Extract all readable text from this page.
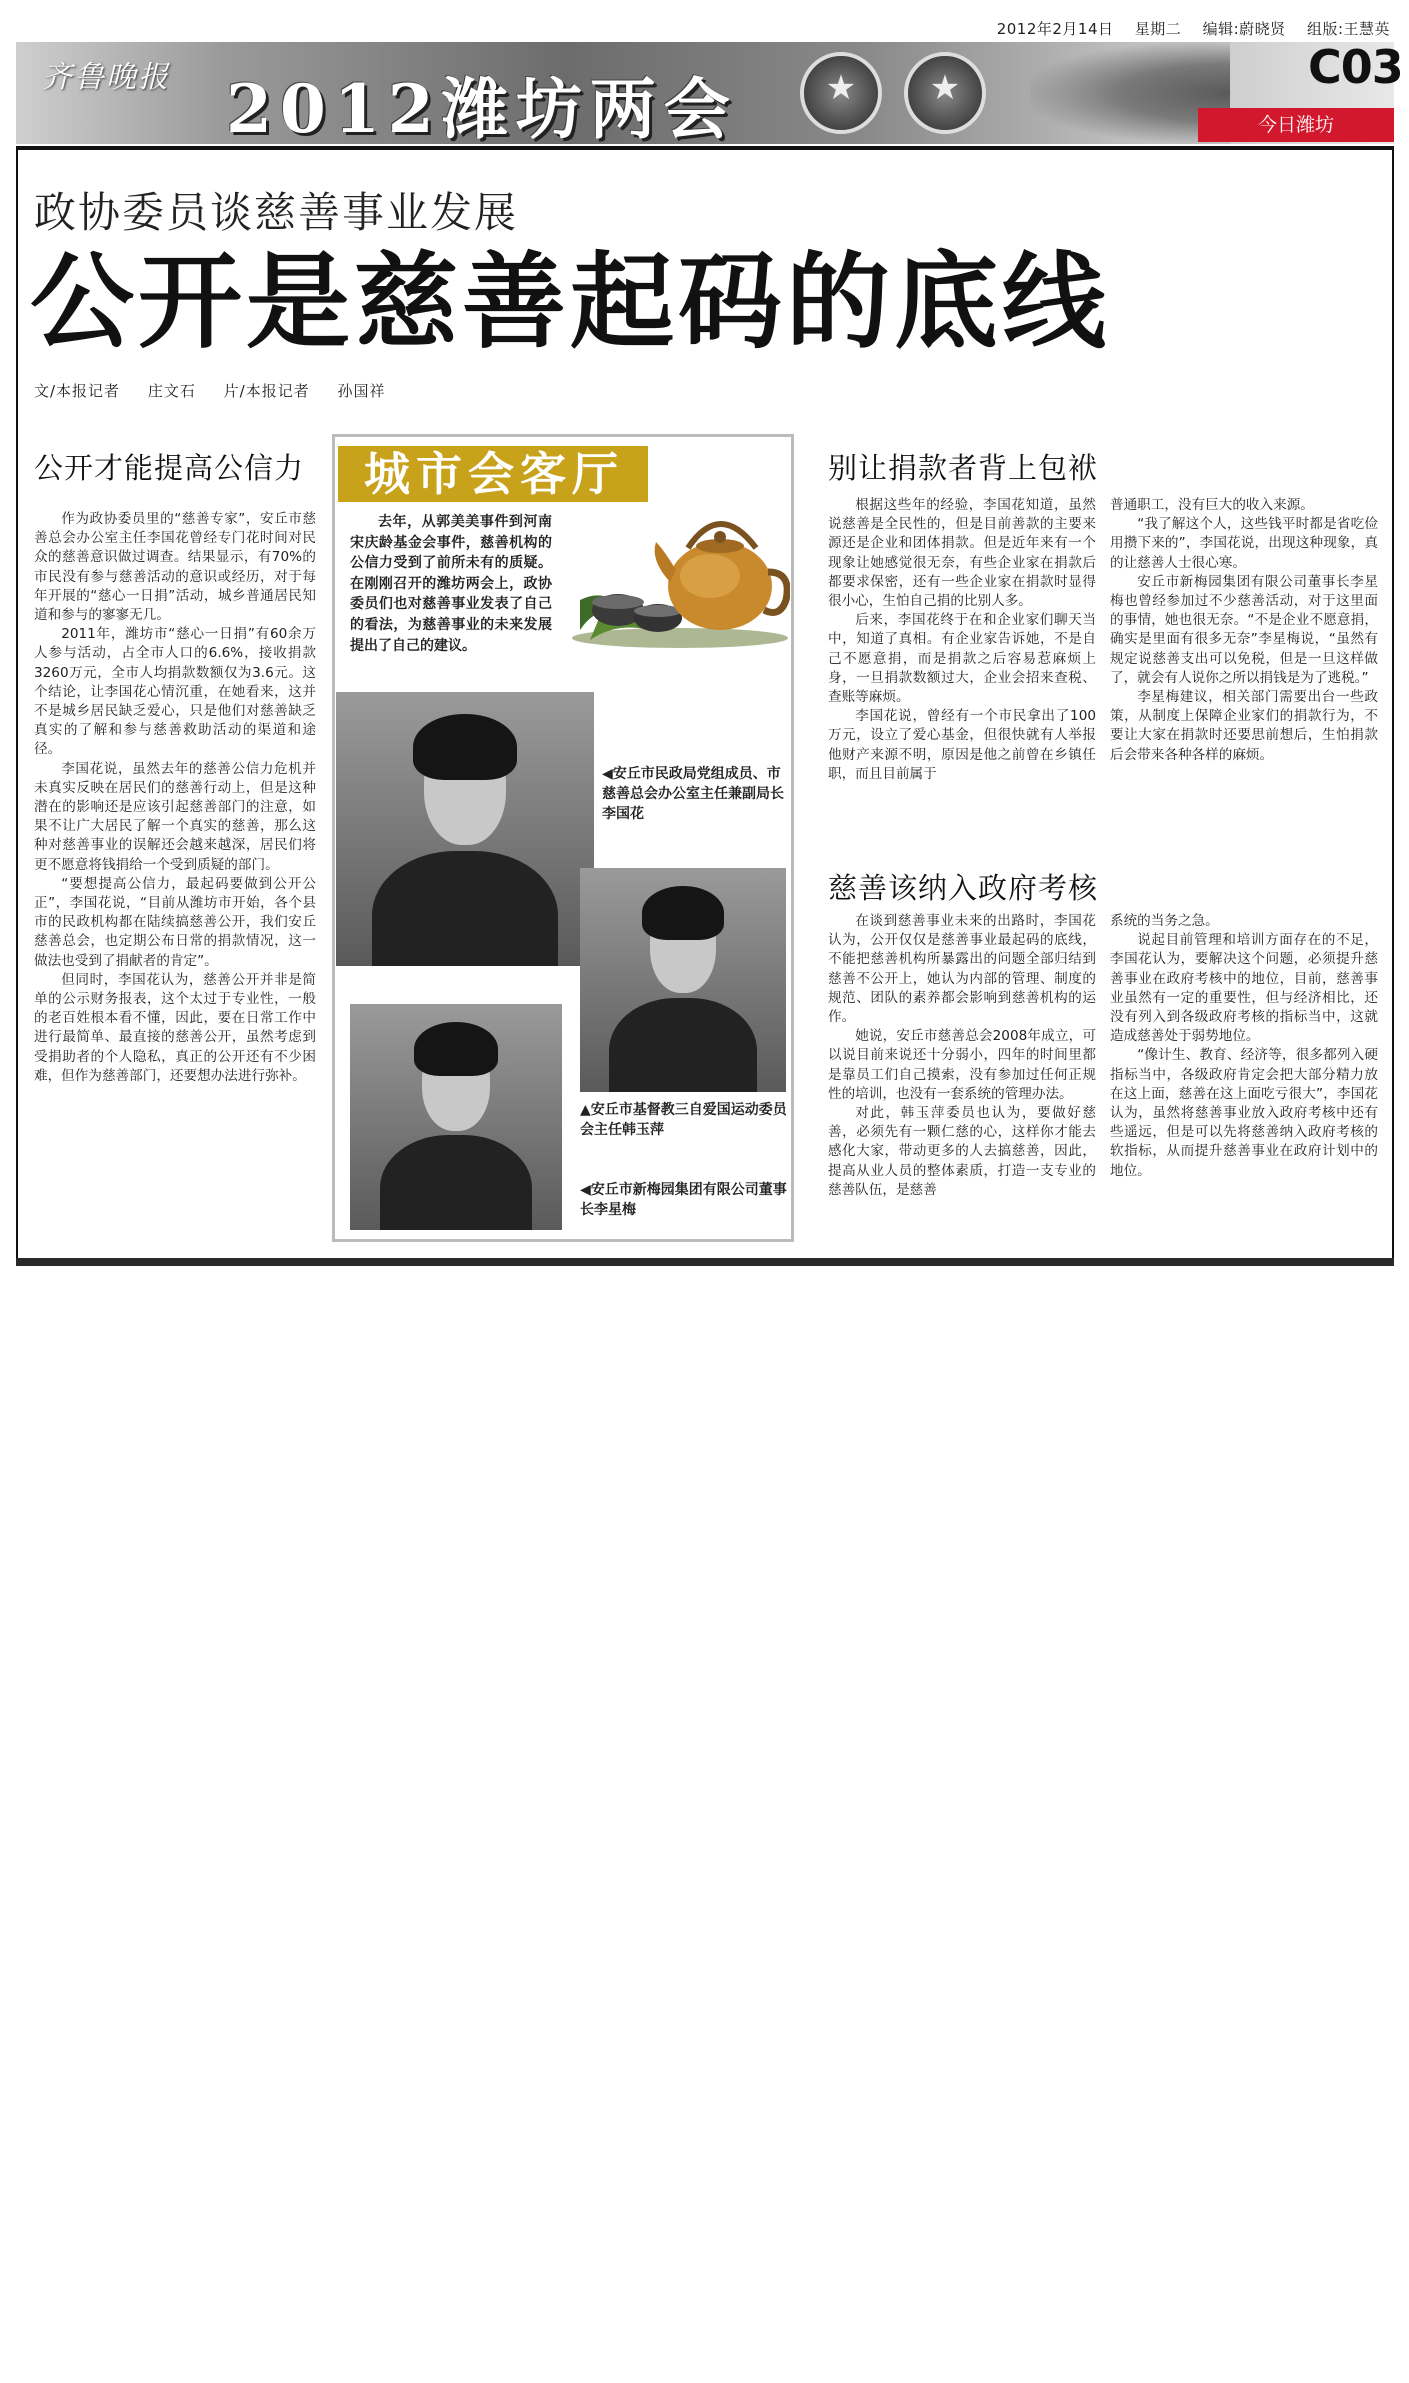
2012年2月14日 星期二 编辑:蔚晓贤 组版:王慧英
齐鲁晚报 2012潍坊两会
★
★
C03
今日潍坊
政协委员谈慈善事业发展
公开是慈善起码的底线
文/本报记者 庄文石 片/本报记者 孙国祥
公开才能提高公信力

作为政协委员里的“慈善专家”，安丘市慈善总会办公室主任李国花曾经专门花时间对民众的慈善意识做过调查。结果显示，有70%的市民没有参与慈善活动的意识或经历，对于每年开展的“慈心一日捐”活动，城乡普通居民知道和参与的寥寥无几。

2011年，潍坊市“慈心一日捐”有60余万人参与活动，占全市人口的6.6%，接收捐款3260万元，全市人均捐款数额仅为3.6元。这个结论，让李国花心情沉重，在她看来，这并不是城乡居民缺乏爱心，只是他们对慈善缺乏真实的了解和参与慈善救助活动的渠道和途径。

李国花说，虽然去年的慈善公信力危机并未真实反映在居民们的慈善行动上，但是这种潜在的影响还是应该引起慈善部门的注意，如果不让广大居民了解一个真实的慈善，那么这种对慈善事业的误解还会越来越深，居民们将更不愿意将钱捐给一个受到质疑的部门。

“要想提高公信力，最起码要做到公开公正”，李国花说，“目前从潍坊市开始，各个县市的民政机构都在陆续搞慈善公开，我们安丘慈善总会，也定期公布日常的捐款情况，这一做法也受到了捐献者的肯定”。

但同时，李国花认为，慈善公开并非是简单的公示财务报表，这个太过于专业性，一般的老百姓根本看不懂，因此，要在日常工作中进行最简单、最直接的慈善公开，虽然考虑到受捐助者的个人隐私，真正的公开还有不少困难，但作为慈善部门，还要想办法进行弥补。

城市会客厅
去年，从郭美美事件到河南宋庆龄基金会事件，慈善机构的公信力受到了前所未有的质疑。在刚刚召开的潍坊两会上，政协委员们也对慈善事业发表了自己的看法，为慈善事业的未来发展提出了自己的建议。
◀安丘市民政局党组成员、市慈善总会办公室主任兼副局长李国花
▲安丘市基督教三自爱国运动委员会主任韩玉萍
◀安丘市新梅园集团有限公司董事长李星梅
别让捐款者背上包袱

根据这些年的经验，李国花知道，虽然说慈善是全民性的，但是目前善款的主要来源还是企业和团体捐款。但是近年来有一个现象让她感觉很无奈，有些企业家在捐款后都要求保密，还有一些企业家在捐款时显得很小心，生怕自己捐的比别人多。

后来，李国花终于在和企业家们聊天当中，知道了真相。有企业家告诉她，不是自己不愿意捐，而是捐款之后容易惹麻烦上身，一旦捐款数额过大，企业会招来查税、查账等麻烦。

李国花说，曾经有一个市民拿出了100万元，设立了爱心基金，但很快就有人举报他财产来源不明，原因是他之前曾在乡镇任职，而且目前属于

普通职工，没有巨大的收入来源。

“我了解这个人，这些钱平时都是省吃俭用攒下来的”，李国花说，出现这种现象，真的让慈善人士很心寒。

安丘市新梅园集团有限公司董事长李星梅也曾经参加过不少慈善活动，对于这里面的事情，她也很无奈。“不是企业不愿意捐，确实是里面有很多无奈”李星梅说，“虽然有规定说慈善支出可以免税，但是一旦这样做了，就会有人说你之所以捐钱是为了逃税。”

李星梅建议，相关部门需要出台一些政策，从制度上保障企业家们的捐款行为，不要让大家在捐款时还要思前想后，生怕捐款后会带来各种各样的麻烦。

慈善该纳入政府考核

在谈到慈善事业未来的出路时，李国花认为，公开仅仅是慈善事业最起码的底线，不能把慈善机构所暴露出的问题全部归结到慈善不公开上，她认为内部的管理、制度的规范、团队的素养都会影响到慈善机构的运作。

她说，安丘市慈善总会2008年成立，可以说目前来说还十分弱小，四年的时间里都是靠员工们自己摸索，没有参加过任何正规性的培训，也没有一套系统的管理办法。

对此，韩玉萍委员也认为，要做好慈善，必须先有一颗仁慈的心，这样你才能去感化大家，带动更多的人去搞慈善，因此，提高从业人员的整体素质，打造一支专业的慈善队伍，是慈善

系统的当务之急。

说起目前管理和培训方面存在的不足，李国花认为，要解决这个问题，必须提升慈善事业在政府考核中的地位，目前，慈善事业虽然有一定的重要性，但与经济相比，还没有列入到各级政府考核的指标当中，这就造成慈善处于弱势地位。

“像计生、教育、经济等，很多都列入硬指标当中，各级政府肯定会把大部分精力放在这上面，慈善在这上面吃亏很大”，李国花认为，虽然将慈善事业放入政府考核中还有些遥远，但是可以先将慈善纳入政府考核的软指标，从而提升慈善事业在政府计划中的地位。
